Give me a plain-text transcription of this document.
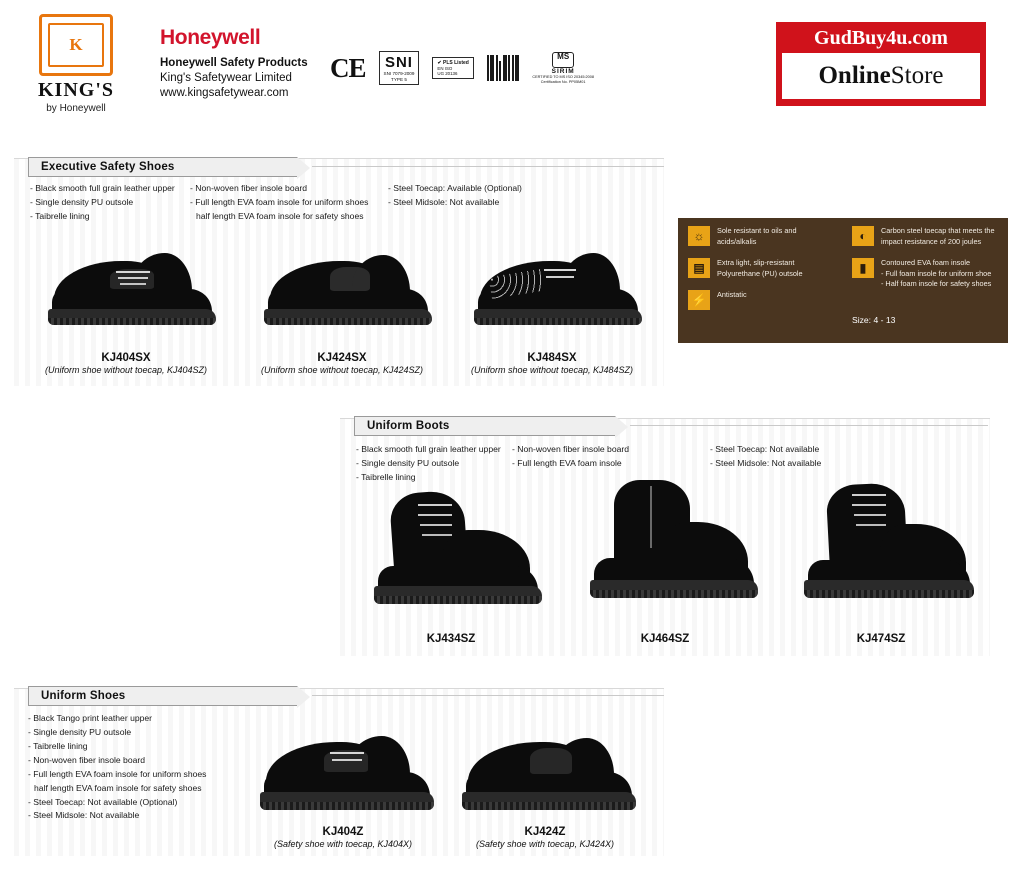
K
KING'S
by Honeywell
Honeywell
Honeywell Safety Products
King's Safetywear Limited
www.kingsafetywear.com
CE SNI
SNI 7079-2009
TYPE 5
✔ PLS Listed
EN ISO
UG 20136
MS
SIRIM
CERTIFIED TO MS ISO 20345:2008
Certification No. PP05M01
GudBuy4u.com
OnlineStore
Executive Safety Shoes
- Black smooth full grain leather upper
- Single density PU outsole
- Taibrelle lining
- Non-woven fiber insole board
- Full length EVA foam insole for uniform shoes
half length EVA foam insole for safety shoes
- Steel Toecap: Available (Optional)
- Steel Midsole: Not available
KJ404SX
(Uniform shoe without toecap, KJ404SZ)
KJ424SX
(Uniform shoe without toecap, KJ424SZ)
KJ484SX
(Uniform shoe without toecap, KJ484SZ)
☼	Sole resistant to oils and
acids/alkalis
▤	Extra light, slip-resistant
Polyurethane (PU) outsole
⚡	Antistatic
◐	Carbon steel toecap that meets the
impact resistance of 200 joules
▮	Contoured EVA foam insole
- Full foam insole for uniform shoe
- Half foam insole for safety shoes
Size: 4 - 13
Uniform Boots
- Black smooth full grain leather upper
- Single density PU outsole
- Taibrelle lining
- Non-woven fiber insole board
- Full length EVA foam insole
- Steel Toecap: Not available
- Steel Midsole: Not available
KJ434SZ	KJ464SZ	KJ474SZ
Uniform Shoes
- Black Tango print leather upper
- Single density PU outsole
- Taibrelle lining
- Non-woven fiber insole board
- Full length EVA foam insole for uniform shoes
half length EVA foam insole for safety shoes
- Steel Toecap: Not available (Optional)
- Steel Midsole: Not available
KJ404Z
(Safety shoe with toecap, KJ404X)
KJ424Z
(Safety shoe with toecap, KJ424X)
